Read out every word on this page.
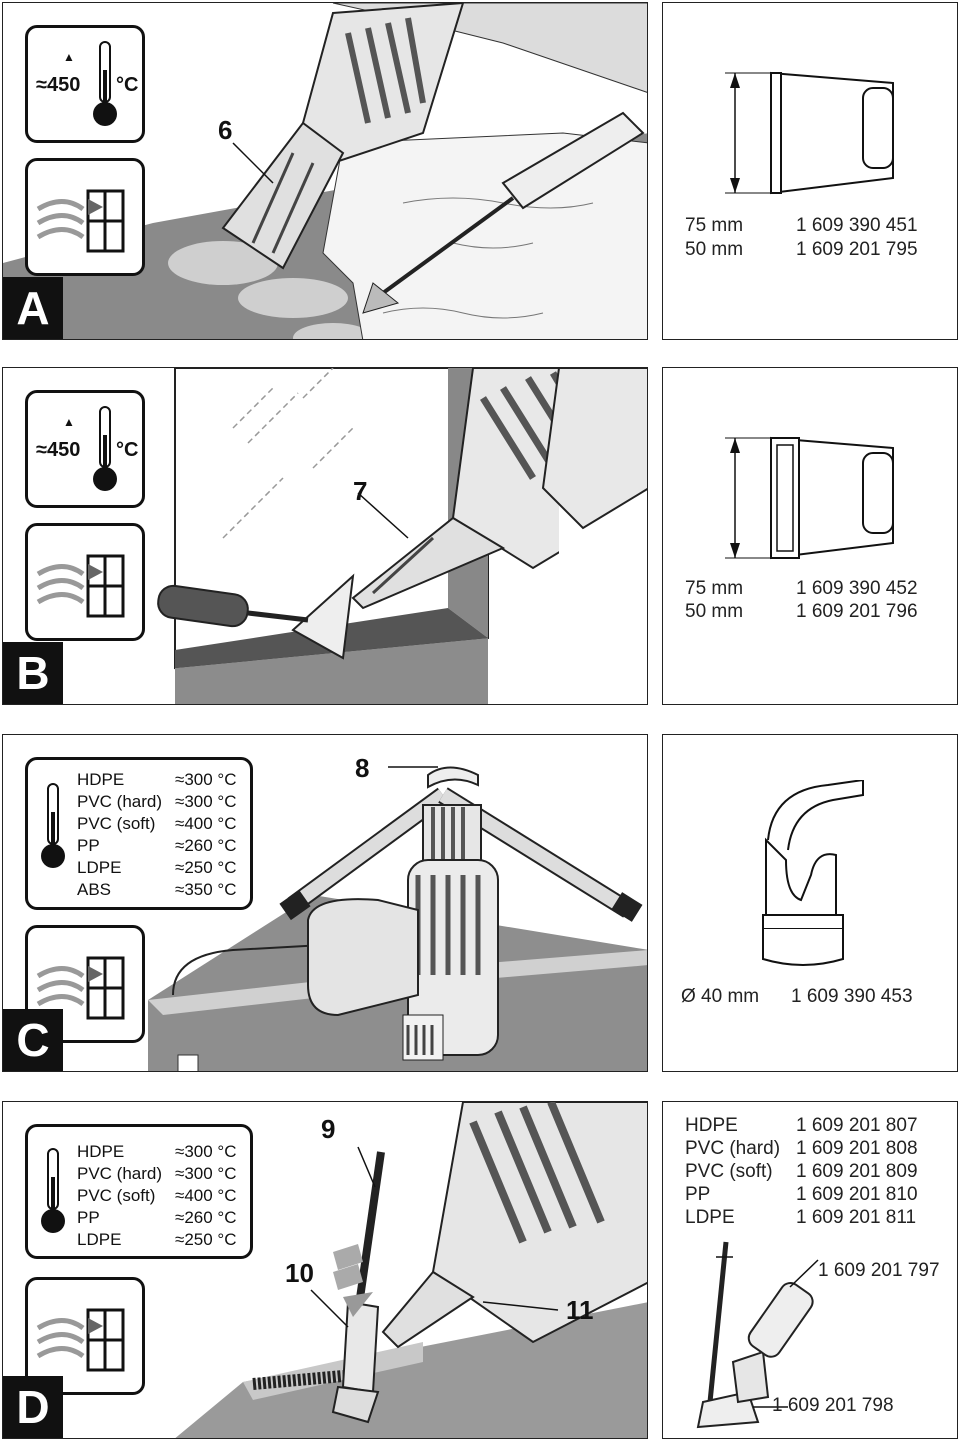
▲
≈450 °C
A
6
75 mm	1 609 390 451
50 mm	1 609 201 795
▲
≈450 °C
B
7
75 mm	1 609 390 452
50 mm	1 609 201 796
HDPE	≈300 °C
PVC (hard) ≈300 °C
PVC (soft) ≈400 °C
PP	≈260 °C
LDPE	≈250 °C
ABS	≈350 °C
C
8
Ø 40 mm 1 609 390 453
HDPE	≈300 °C
PVC (hard) ≈300 °C
PVC (soft) ≈400 °C
PP	≈260 °C
LDPE	≈250 °C
D
9
10
11
HDPE	1 609 201 807
PVC (hard) 1 609 201 808
PVC (soft) 1 609 201 809
PP	1 609 201 810
LDPE	1 609 201 811
1 609 201 797
1 609 201 798
